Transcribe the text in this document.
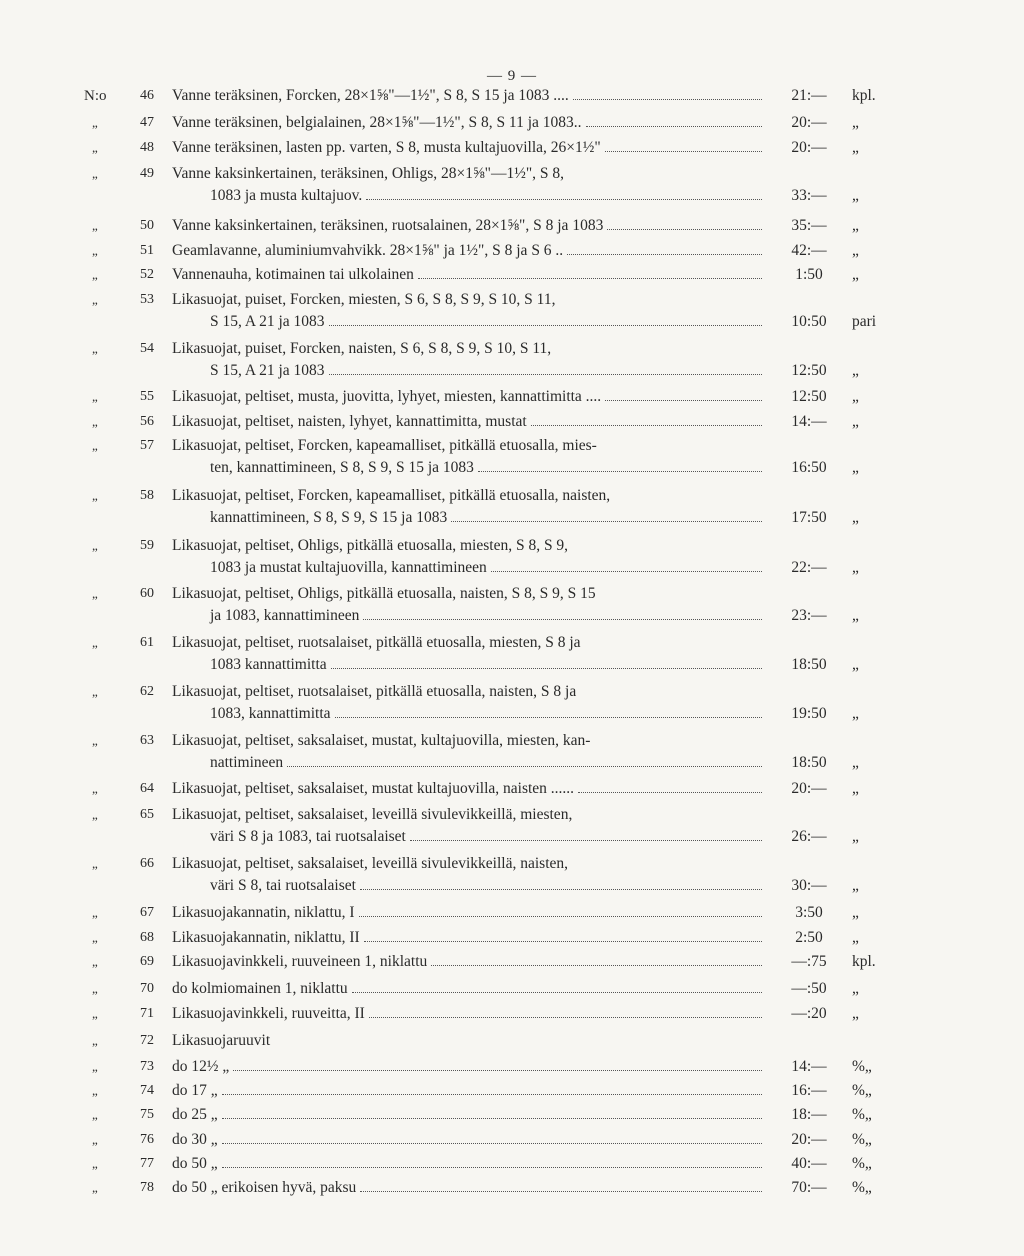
— 9 —
N:o	46 Vanne teräksinen, Forcken, 28×1⅝"—1½", S 8, S 15 ja 1083 ....	21:—	kpl.
„	47 Vanne teräksinen, belgialainen, 28×1⅝"—1½", S 8, S 11 ja 1083..	20:—	„
„	48 Vanne teräksinen, lasten pp. varten, S 8, musta kultajuovilla, 26×1½"	20:—	„
„	49 Vanne kaksinkertainen, teräksinen, Ohligs, 28×1⅝"—1½", S 8,
1083 ja musta kultajuov.	33:—	„
„	50 Vanne kaksinkertainen, teräksinen, ruotsalainen, 28×1⅝", S 8 ja 1083	35:—	„
„	51 Geamlavanne, aluminiumvahvikk. 28×1⅝" ja 1½", S 8 ja S 6 ..	42:—	„
„	52 Vannenauha, kotimainen tai ulkolainen	1:50	„
„	53 Likasuojat, puiset, Forcken, miesten, S 6, S 8, S 9, S 10, S 11,
S 15, A 21 ja 1083	10:50	pari
„	54 Likasuojat, puiset, Forcken, naisten, S 6, S 8, S 9, S 10, S 11,
S 15, A 21 ja 1083	12:50	„
„	55 Likasuojat, peltiset, musta, juovitta, lyhyet, miesten, kannattimitta ....	12:50	„
„	56 Likasuojat, peltiset, naisten, lyhyet, kannattimitta, mustat	14:—	„
„	57 Likasuojat, peltiset, Forcken, kapeamalliset, pitkällä etuosalla, mies-
ten, kannattimineen, S 8, S 9, S 15 ja 1083	16:50	„
„	58 Likasuojat, peltiset, Forcken, kapeamalliset, pitkällä etuosalla, naisten,
kannattimineen, S 8, S 9, S 15 ja 1083	17:50	„
„	59 Likasuojat, peltiset, Ohligs, pitkällä etuosalla, miesten, S 8, S 9,
1083 ja mustat kultajuovilla, kannattimineen	22:—	„
„	60 Likasuojat, peltiset, Ohligs, pitkällä etuosalla, naisten, S 8, S 9, S 15
ja 1083, kannattimineen	23:—	„
„	61 Likasuojat, peltiset, ruotsalaiset, pitkällä etuosalla, miesten, S 8 ja
1083 kannattimitta	18:50	„
„	62 Likasuojat, peltiset, ruotsalaiset, pitkällä etuosalla, naisten, S 8 ja
1083, kannattimitta	19:50	„
„	63 Likasuojat, peltiset, saksalaiset, mustat, kultajuovilla, miesten, kan-
nattimineen	18:50	„
„	64 Likasuojat, peltiset, saksalaiset, mustat kultajuovilla, naisten ......	20:—	„
„	65 Likasuojat, peltiset, saksalaiset, leveillä sivulevikkeillä, miesten,
väri S 8 ja 1083, tai ruotsalaiset	26:—	„
„	66 Likasuojat, peltiset, saksalaiset, leveillä sivulevikkeillä, naisten,
väri S 8, tai ruotsalaiset	30:—	„
„	67 Likasuojakannatin, niklattu, I	3:50	„
„	68 Likasuojakannatin, niklattu, II	2:50	„
„	69 Likasuojavinkkeli, ruuveineen 1, niklattu	—:75	kpl.
„	70 do kolmiomainen 1, niklattu	—:50	„
„	71 Likasuojavinkkeli, ruuveitta, II	—:20	„
„	72 Likasuojaruuvit
„	73 do 12½ „	14:—	%„
„	74 do 17 „	16:—	%„
„	75 do 25 „	18:—	%„
„	76 do 30 „	20:—	%„
„	77 do 50 „	40:—	%„
„	78 do 50 „ erikoisen hyvä, paksu	70:—	%„
